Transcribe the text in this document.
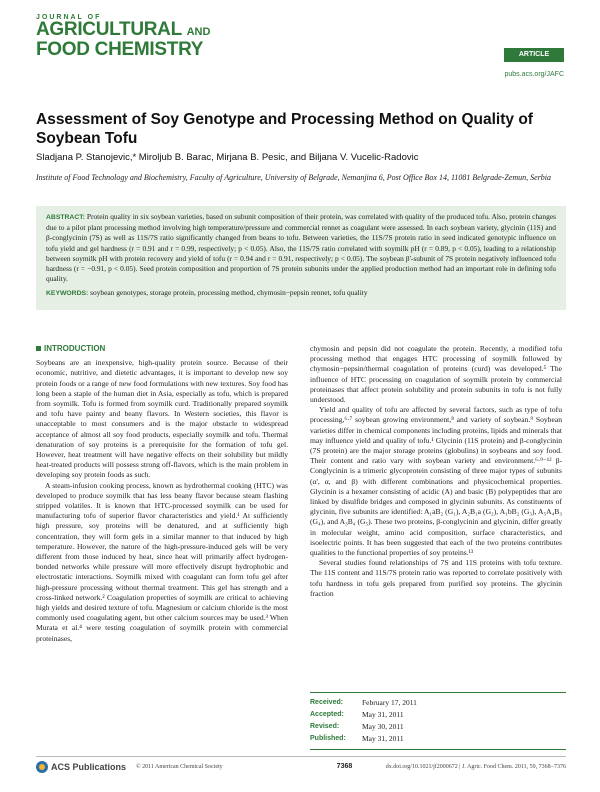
JOURNAL OF
AGRICULTURAL AND
FOOD CHEMISTRY	ARTICLE
pubs.acs.org/JAFC
Assessment of Soy Genotype and Processing Method on Quality of Soybean Tofu
Sladjana P. Stanojevic,* Miroljub B. Barac, Mirjana B. Pesic, and Biljana V. Vucelic-Radovic
Institute of Food Technology and Biochemistry, Faculty of Agriculture, University of Belgrade, Nemanjina 6, Post Office Box 14, 11081 Belgrade-Zemun, Serbia

ABSTRACT: Protein quality in six soybean varieties, based on subunit composition of their protein, was correlated with quality of the produced tofu. Also, protein changes due to a pilot plant processing method involving high temperature/pressure and commercial rennet as coagulant were assessed. In each soybean variety, glycinin (11S) and β-conglycinin (7S) as well as 11S/7S ratio significantly changed from beans to tofu. Between varieties, the 11S/7S protein ratio in seed indicated genotypic influence on tofu yield and gel hardness (r = 0.91 and r = 0.99, respectively; p < 0.05). Also, the 11S/7S ratio correlated with soymilk pH (r = 0.89, p < 0.05), leading to a relationship between soymilk pH with protein recovery and yield of tofu (r = 0.94 and r = 0.91, respectively; p < 0.05). The soybean β'-subunit of 7S protein negatively influenced tofu hardness (r = −0.91, p < 0.05). Seed protein composition and proportion of 7S protein subunits under the applied production method had an important role in defining tofu quality.

KEYWORDS: soybean genotypes, storage protein, processing method, chymosin−pepsin rennet, tofu quality

INTRODUCTION

Soybeans are an inexpensive, high-quality protein source. Because of their economic, nutritive, and dietetic advantages, it is important to develop new soy protein foods or a range of new food formulations with new textures. Soy food has long been a staple of the human diet in Asia, especially as tofu, which is prepared from soymilk. Tofu is formed from soymilk curd. Traditionally prepared soymilk and tofu have painty and beany flavors. In Western societies, this flavor is unacceptable to most consumers and is the major obstacle to widespread acceptance of almost all soy food products, especially soymilk and tofu. Thermal denaturation of soy proteins is a prerequisite for the formation of tofu gel. However, heat treatment will have negative effects on their solubility but mildly heat-treated products will possess strong off-flavors, which is the main problem in developing soy protein foods as such.

A steam-infusion cooking process, known as hydrothermal cooking (HTC) was developed to produce soymilk that has less beany flavor because steam flashing stripped volatiles. It is known that HTC-processed soymilk can be used for manufacturing tofu of superior flavor characteristics and yield.¹ At sufficiently high pressure, soy proteins will be denatured, and at sufficiently high concentration, they will form gels in a similar manner to that induced by high temperature. However, the nature of the high-pressure-induced gels will be very different from those induced by heat, since heat will primarily affect hydrogen-bonded networks while pressure will more effectively disrupt hydrophobic and electrostatic interactions. Soymilk mixed with coagulant can form tofu gel after high-pressure processing without thermal treatment. This gel has strength and a cross-linked network.² Coagulation properties of soymilk are critical to achieving high yields and desired texture of tofu. Magnesium or calcium chloride is the most commonly used coagulating agent, but other calcium sources may be used.³ When Murata et al.⁴ were testing coagulation of soymilk protein with commercial proteinases,

chymosin and pepsin did not coagulate the protein. Recently, a modified tofu processing method that engages HTC processing of soymilk followed by chymosin−pepsin/thermal coagulation of proteins (curd) was developed.⁵ The influence of HTC processing on coagulation of soymilk protein by commercial proteinases that affect protein solubility and protein subunits in tofu is not fully understood.

Yield and quality of tofu are affected by several factors, such as type of tofu processing,⁶·⁷ soybean growing environment,⁸ and variety of soybean.⁹ Soybean varieties differ in chemical components including proteins, lipids and minerals that may influence yield and quality of tofu.¹ Glycinin (11S protein) and β-conglycinin (7S protein) are the major storage proteins (globulins) in soybeans and soy food. Their content and ratio vary with soybean variety and environment.⁶·⁹⁻¹² β-Conglycinin is a trimeric glycoprotein consisting of three major types of subunits (α', α, and β) with different combinations and physicochemical properties. Glycinin is a hexamer consisting of acidic (A) and basic (B) polypeptides that are linked by disulfide bridges and composed in glycinin subunits. As constituents of glycinin, five subunits are identified: A₁aB₂ (G₁), A₂B₁a (G₂), A₁bB₂ (G₃), A₅A₄B₃ (G₄), and A₃B₄ (G₅). These two proteins, β-conglycinin and glycinin, differ greatly in molecular weight, amino acid composition, surface characteristics, and isoelectric points. It has been suggested that each of the two proteins contributes qualities to the functional properties of soy proteins.¹³

Several studies found relationships of 7S and 11S proteins with tofu texture. The 11S content and 11S/7S protein ratio was reported to correlate positively with tofu hardness in tofu gels prepared from purified soy proteins. The glycinin fraction

Received:	February 17, 2011
Accepted:	May 31, 2011
Revised:	May 30, 2011
Published:	May 31, 2011
ACS Publications © 2011 American Chemical Society	7368	dx.doi.org/10.1021/jf2000672 | J. Agric. Food Chem. 2011, 59, 7368−7376
